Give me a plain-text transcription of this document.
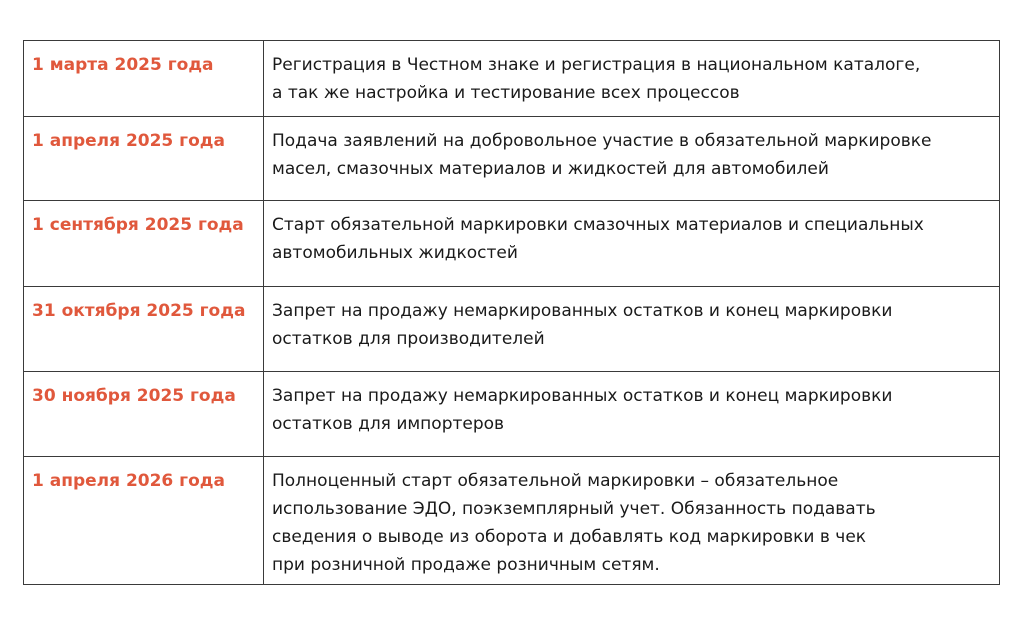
1 марта 2025 года	Регистрация в Честном знаке и регистрация в национальном каталоге,
а так же настройка и тестирование всех процессов

1 апреля 2025 года	Подача заявлений на добровольное участие в обязательной маркировке
масел, смазочных материалов и жидкостей для автомобилей

1 сентября 2025 года	Старт обязательной маркировки смазочных материалов и специальных
автомобильных жидкостей

31 октября 2025 года	Запрет на продажу немаркированных остатков и конец маркировки
остатков для производителей

30 ноября 2025 года	Запрет на продажу немаркированных остатков и конец маркировки
остатков для импортеров

1 апреля 2026 года	Полноценный старт обязательной маркировки – обязательное
использование ЭДО, поэкземплярный учет. Обязанность подавать
сведения о выводе из оборота и добавлять код маркировки в чек
при розничной продаже розничным сетям.
